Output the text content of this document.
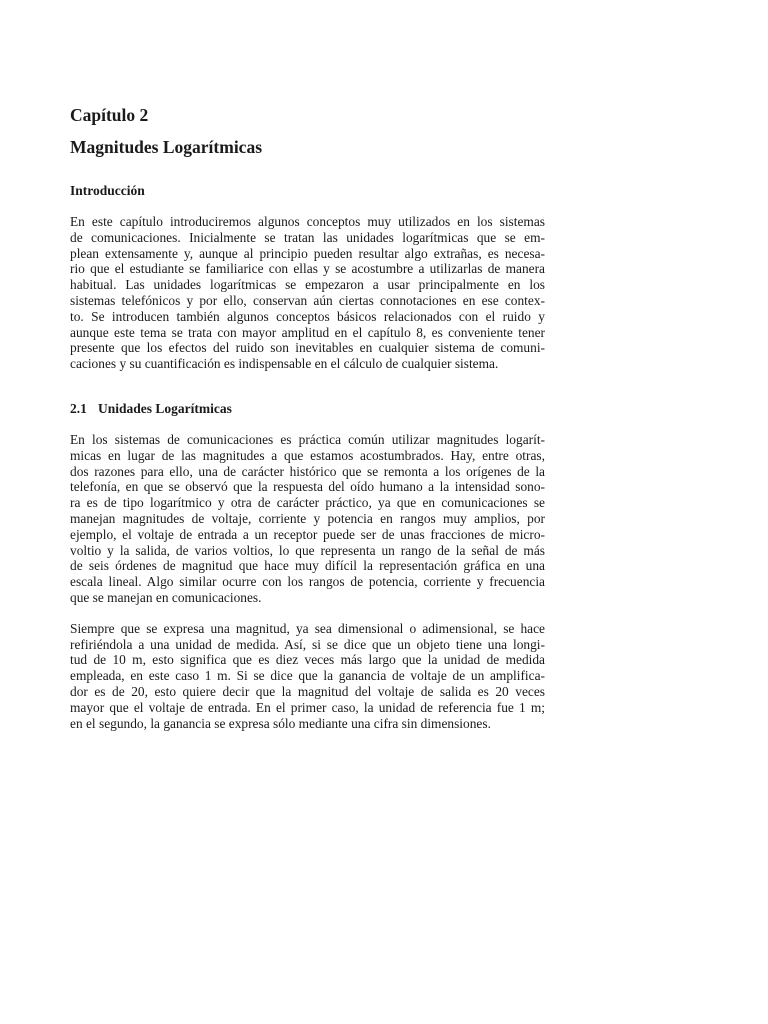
Capítulo 2
Magnitudes Logarítmicas
Introducción

En este capítulo introduciremos algunos conceptos muy utilizados en los sistemas
de comunicaciones. Inicialmente se tratan las unidades logarítmicas que se em-
plean extensamente y, aunque al principio pueden resultar algo extrañas, es necesa-
rio que el estudiante se familiarice con ellas y se acostumbre a utilizarlas de manera
habitual. Las unidades logarítmicas se empezaron a usar principalmente en los
sistemas telefónicos y por ello, conservan aún ciertas connotaciones en ese contex-
to. Se introducen también algunos conceptos básicos relacionados con el ruido y
aunque este tema se trata con mayor amplitud en el capítulo 8, es conveniente tener
presente que los efectos del ruido son inevitables en cualquier sistema de comuni-
caciones y su cuantificación es indispensable en el cálculo de cualquier sistema.

2.1 Unidades Logarítmicas

En los sistemas de comunicaciones es práctica común utilizar magnitudes logarít-
micas en lugar de las magnitudes a que estamos acostumbrados. Hay, entre otras,
dos razones para ello, una de carácter histórico que se remonta a los orígenes de la
telefonía, en que se observó que la respuesta del oído humano a la intensidad sono-
ra es de tipo logarítmico y otra de carácter práctico, ya que en comunicaciones se
manejan magnitudes de voltaje, corriente y potencia en rangos muy amplios, por
ejemplo, el voltaje de entrada a un receptor puede ser de unas fracciones de micro-
voltio y la salida, de varios voltios, lo que representa un rango de la señal de más
de seis órdenes de magnitud que hace muy difícil la representación gráfica en una
escala lineal. Algo similar ocurre con los rangos de potencia, corriente y frecuencia
que se manejan en comunicaciones.

Siempre que se expresa una magnitud, ya sea dimensional o adimensional, se hace
refiriéndola a una unidad de medida. Así, si se dice que un objeto tiene una longi-
tud de 10 m, esto significa que es diez veces más largo que la unidad de medida
empleada, en este caso 1 m. Si se dice que la ganancia de voltaje de un amplifica-
dor es de 20, esto quiere decir que la magnitud del voltaje de salida es 20 veces
mayor que el voltaje de entrada. En el primer caso, la unidad de referencia fue 1 m;
en el segundo, la ganancia se expresa sólo mediante una cifra sin dimensiones.
